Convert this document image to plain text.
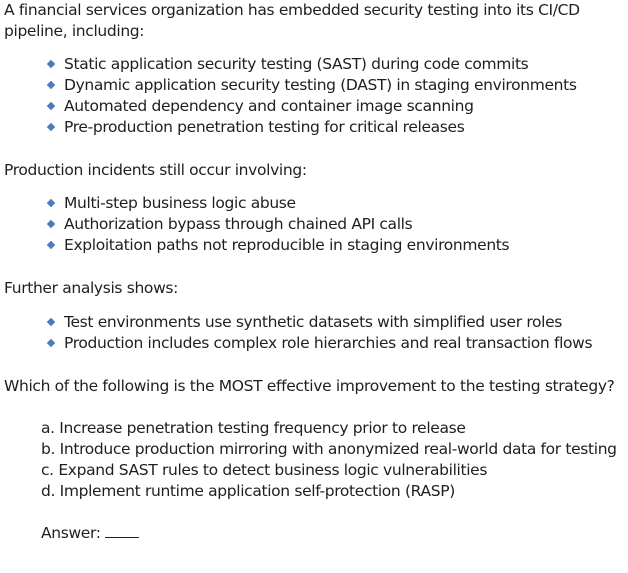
A financial services organization has embedded security testing into its CI/CD

pipeline, including:

Static application security testing (SAST) during code commits
Dynamic application security testing (DAST) in staging environments
Automated dependency and container image scanning
Pre-production penetration testing for critical releases

Production incidents still occur involving:

Multi-step business logic abuse
Authorization bypass through chained API calls
Exploitation paths not reproducible in staging environments

Further analysis shows:

Test environments use synthetic datasets with simplified user roles
Production includes complex role hierarchies and real transaction flows

Which of the following is the MOST effective improvement to the testing strategy?

a. Increase penetration testing frequency prior to release
b. Introduce production mirroring with anonymized real-world data for testing
c. Expand SAST rules to detect business logic vulnerabilities
d. Implement runtime application self-protection (RASP)
Answer:
